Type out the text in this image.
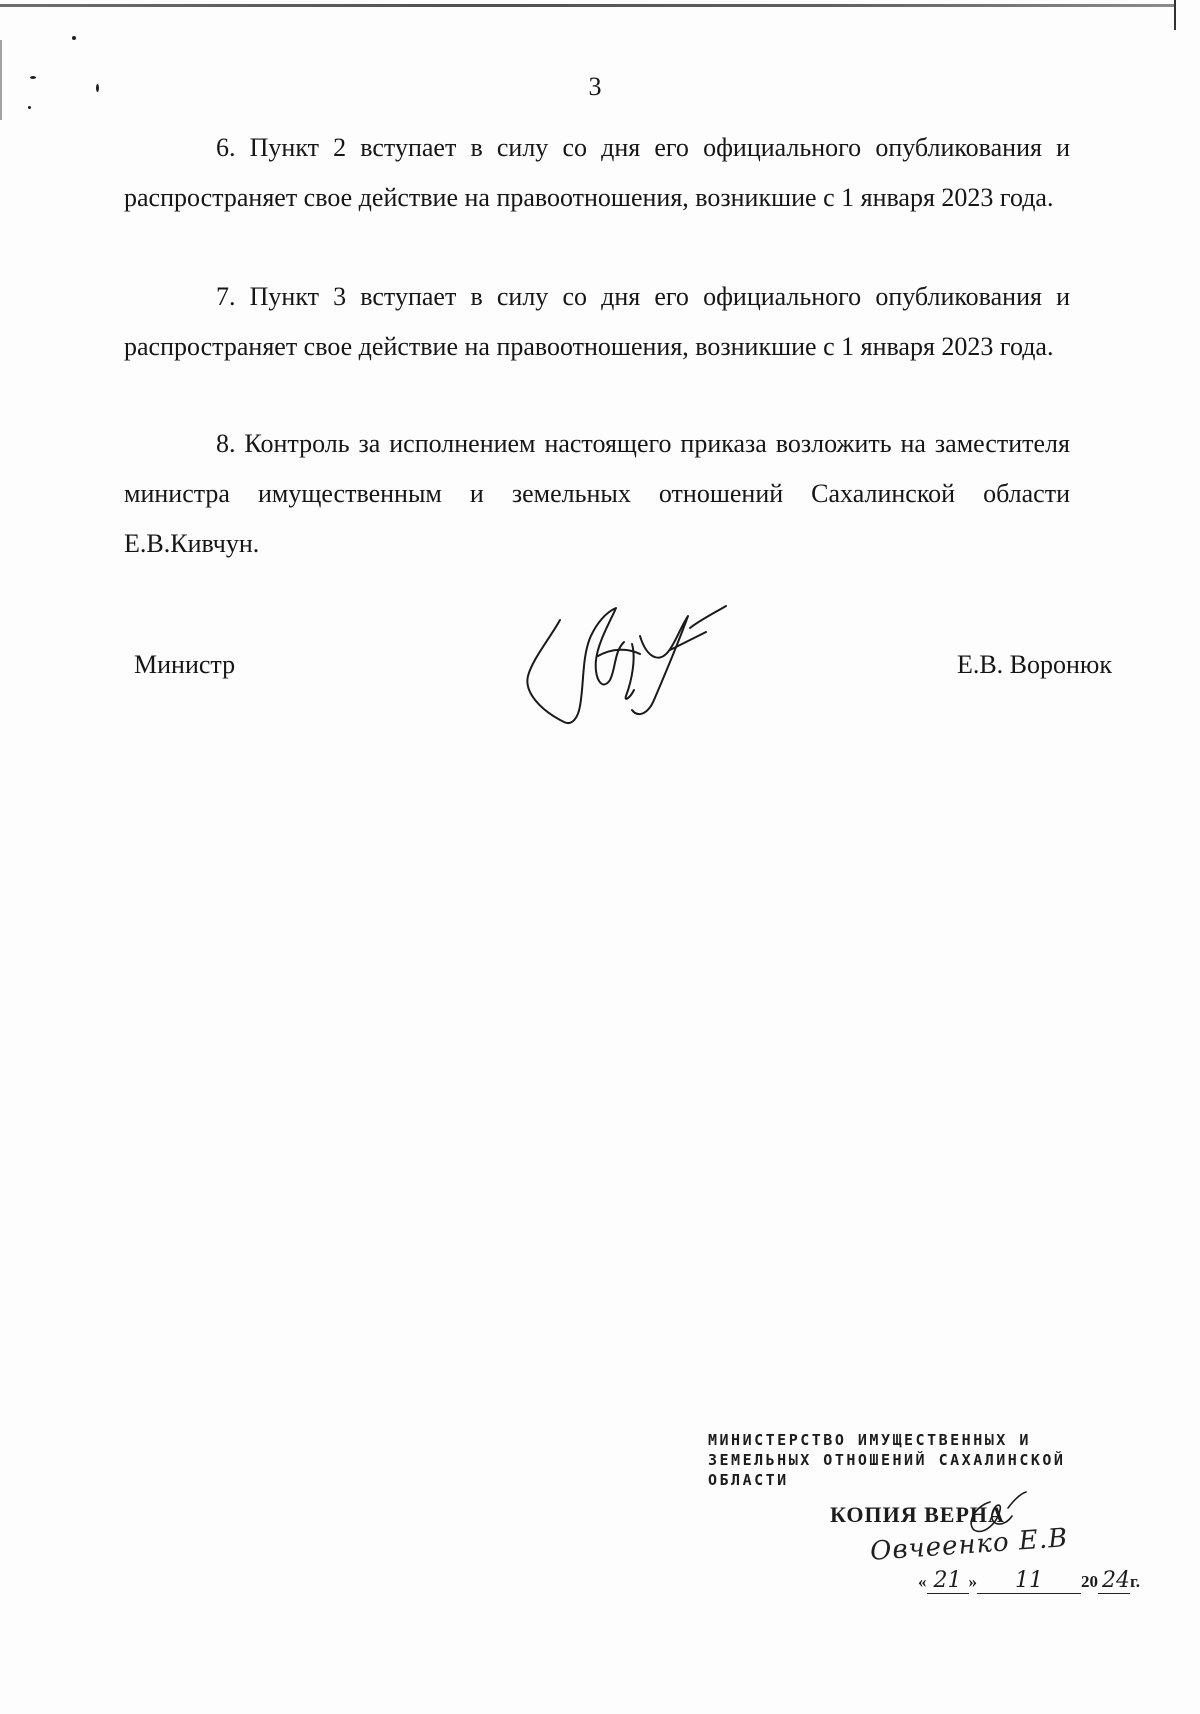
3

6. Пункт 2 вступает в силу со дня его официального опубликования и распространяет свое действие на правоотношения, возникшие с 1 января 2023 года.

7. Пункт 3 вступает в силу со дня его официального опубликования и распространяет свое действие на правоотношения, возникшие с 1 января 2023 года.

8. Контроль за исполнением настоящего приказа возложить на заместителя министра имущественным и земельных отношений Сахалинской области Е.В.Кивчун.

Министр	Е.В. Воронюк
МИНИСТЕРСТВО ИМУЩЕСТВЕННЫХ И ЗЕМЕЛЬНЫХ ОТНОШЕНИЙ САХАЛИНСКОЙ ОБЛАСТИ
КОПИЯ ВЕРНА
Овчеенко Е.В
« 21 » 11 20 24г.
